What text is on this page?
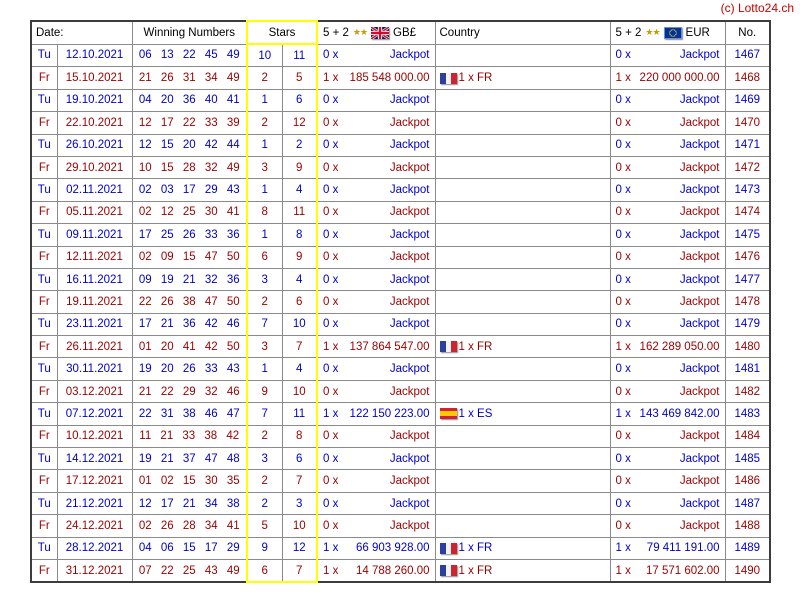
(c) Lotto24.ch
Date:		Winning Numbers	Stars		5 + 2 ★★ GB£	Country	5 + 2 ★★ EUR	No.
Tu	12.10.2021	06 13 22 45 49	10	11	0 x Jackpot		0 x Jackpot	1467
Fr	15.10.2021	21 26 31 34 49	2	5	1 x 185 548 000.00	1 x FR	1 x 220 000 000.00	1468
Tu	19.10.2021	04 20 36 40 41	1	6	0 x Jackpot		0 x Jackpot	1469
Fr	22.10.2021	12 17 22 33 39	2	12	0 x Jackpot		0 x Jackpot	1470
Tu	26.10.2021	12 15 20 42 44	1	2	0 x Jackpot		0 x Jackpot	1471
Fr	29.10.2021	10 15 28 32 49	3	9	0 x Jackpot		0 x Jackpot	1472
Tu	02.11.2021	02 03 17 29 43	1	4	0 x Jackpot		0 x Jackpot	1473
Fr	05.11.2021	02 12 25 30 41	8	11	0 x Jackpot		0 x Jackpot	1474
Tu	09.11.2021	17 25 26 33 36	1	8	0 x Jackpot		0 x Jackpot	1475
Fr	12.11.2021	02 09 15 47 50	6	9	0 x Jackpot		0 x Jackpot	1476
Tu	16.11.2021	09 19 21 32 36	3	4	0 x Jackpot		0 x Jackpot	1477
Fr	19.11.2021	22 26 38 47 50	2	6	0 x Jackpot		0 x Jackpot	1478
Tu	23.11.2021	17 21 36 42 46	7	10	0 x Jackpot		0 x Jackpot	1479
Fr	26.11.2021	01 20 41 42 50	3	7	1 x 137 864 547.00	1 x FR	1 x 162 289 050.00	1480
Tu	30.11.2021	19 20 26 33 43	1	4	0 x Jackpot		0 x Jackpot	1481
Fr	03.12.2021	21 22 29 32 46	9	10	0 x Jackpot		0 x Jackpot	1482
Tu	07.12.2021	22 31 38 46 47	7	11	1 x 122 150 223.00	1 x ES	1 x 143 469 842.00	1483
Fr	10.12.2021	11 21 33 38 42	2	8	0 x Jackpot		0 x Jackpot	1484
Tu	14.12.2021	19 21 37 47 48	3	6	0 x Jackpot		0 x Jackpot	1485
Fr	17.12.2021	01 02 15 30 35	2	7	0 x Jackpot		0 x Jackpot	1486
Tu	21.12.2021	12 17 21 34 38	2	3	0 x Jackpot		0 x Jackpot	1487
Fr	24.12.2021	02 26 28 34 41	5	10	0 x Jackpot		0 x Jackpot	1488
Tu	28.12.2021	04 06 15 17 29	9	12	1 x 66 903 928.00	1 x FR	1 x 79 411 191.00	1489
Fr	31.12.2021	07 22 25 43 49	6	7	1 x 14 788 260.00	1 x FR	1 x 17 571 602.00	1490
